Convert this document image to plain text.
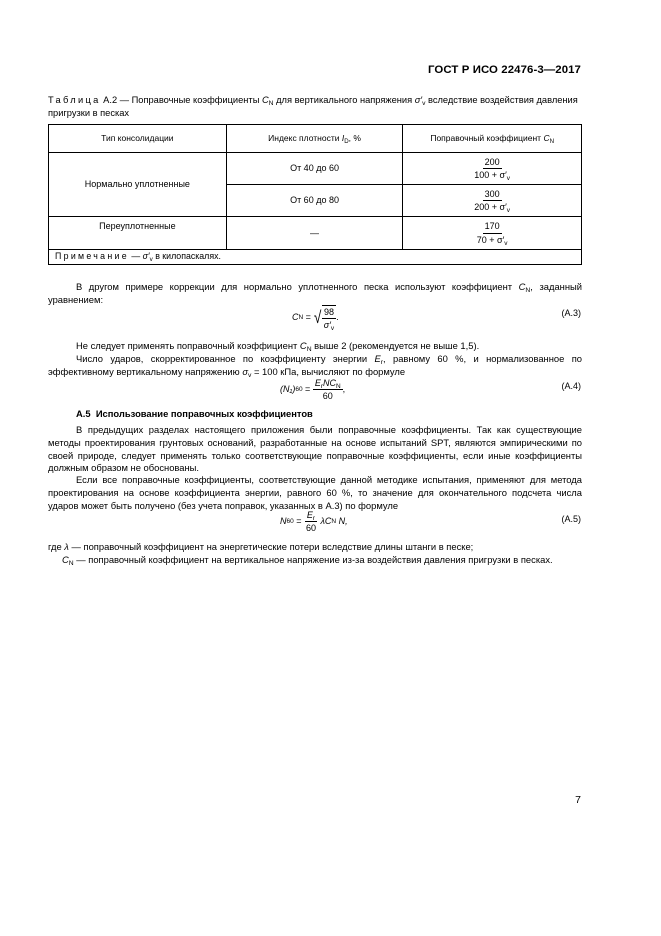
ГОСТ Р ИСО 22476-3—2017
Таблица А.2 — Поправочные коэффициенты $C_N$ для вертикального напряжения $\sigma'_v$ вследствие воздействия давления пригрузки в песках
Тип консолидации	Индекс плотности $I_D$, %	Поправочный коэффициент $C_N$
Нормально уплотненные	От 40 до 60	$\frac{200}{100 + \sigma'_v}$

	От 60 до 80	$\frac{300}{200 + \sigma'_v}$

Переуплотненные	—	$\frac{170}{70 + \sigma'_v}$

Примечание — $\sigma'_v$ в килопаскалях.		
В другом примере коррекции для нормально уплотненного песка используют коэффициент $C_N$, заданный уравнением:
C N = √ $\frac{98}{\sigma'_v}$ .	(А.3)
Не следует применять поправочный коэффициент $C_N$ выше 2 (рекомендуется не выше 1,5).
Число ударов, скорректированное по коэффициенту энергии $E_r$, равному 60 %, и нормализованное по эффективному вертикальному напряжению $\sigma_v = 100$ кПа, вычисляют по формуле
(N₁) $60 = \frac{E_rNC_N}{60}$ ,	(А.4)
А.5 Использование поправочных коэффициентов
В предыдущих разделах настоящего приложения были поправочные коэффициенты. Так как существующие методы проектирования грунтовых оснований, разработанные на основе испытаний SPT, являются эмпирическими по своей природе, следует применять только соответствующие поправочные коэффициенты, если иные коэффициенты должным образом не обоснованы.
Если все поправочные коэффициенты, соответствующие данной методике испытания, применяют для метода проектирования на основе коэффициента энергии, равного 60 %, то значение для окончательного подсчета числа ударов может быть получено (без учета поправок, указанных в А.3) по формуле
N $60 = \frac{E_r}{60}$ λC N N,	(А.5)
где λ — поправочный коэффициент на энергетические потери вследствие длины штанги в песке;
$C_N$ — поправочный коэффициент на вертикальное напряжение из-за воздействия давления пригрузки в песках.
7
